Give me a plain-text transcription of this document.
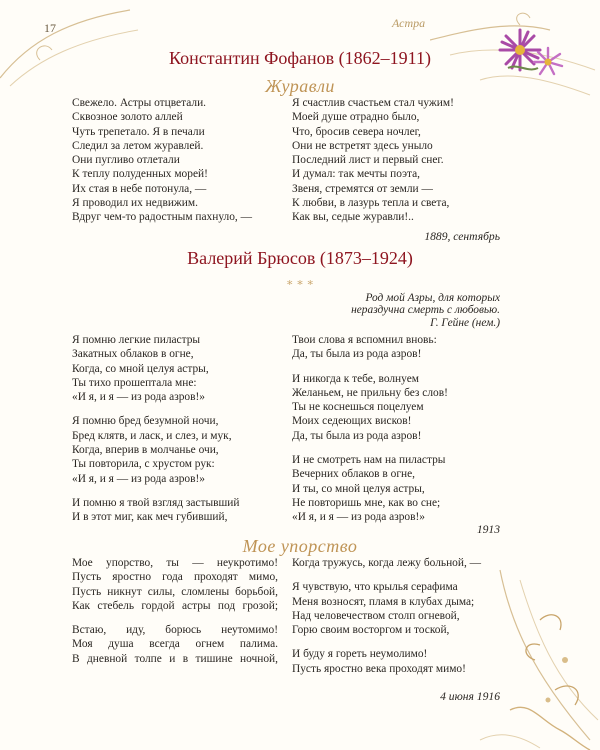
17	Астра
Константин Фофанов (1862–1911)
Журавли
Свежело. Астры отцветали.
Сквозное золото аллей
Чуть трепетало. Я в печали
Следил за летом журавлей.
Они пугливо отлетали
К теплу полуденных морей!
Их стая в небе потонула, —
Я проводил их недвижим.
Вдруг чем-то радостным пахнуло, —
Я счастлив счастьем стал чужим!
Моей душе отрадно было,
Что, бросив севера ночлег,
Они не встретят здесь уныло
Последний лист и первый снег.
И думал: так мечты поэта,
Звеня, стремятся от земли —
К любви, в лазурь тепла и света,
Как вы, седые журавли!..
1889, сентябрь
Валерий Брюсов (1873–1924)
∗ ∗ ∗
Род мой Азры, для которых
нераздучна смерть с любовью.
Г. Гейне (нем.)
Я помню легкие пиластры
Закатных облаков в огне,
Когда, со мной целуя астры,
Ты тихо прошептала мне:
«И я, и я — из рода азров!»
Я помню бред безумной ночи,
Бред клятв, и ласк, и слез, и мук,
Когда, вперив в молчанье очи,
Ты повторила, с хрустом рук:
«И я, и я — из рода азров!»
И помню я твой взгляд застывший
И в этот миг, как меч губивший,
Твои слова я вспомнил вновь:
Да, ты была из рода азров!
И никогда к тебе, волнуем
Желаньем, не прильну без слов!
Ты не коснешься поцелуем
Моих седеющих висков!
Да, ты была из рода азров!
И не смотреть нам на пиластры
Вечерних облаков в огне,
И ты, со мной целуя астры,
Не повторишь мне, как во сне;
«И я, и я — из рода азров!»
1913
Мое упорство
Мое упорство, ты — неукротимо!
Пусть яростно года проходят мимо,
Пусть никнут силы, сломлены борьбой,
Как стебель гордой астры под грозой;
Встаю, иду, борюсь неутомимо!
Моя душа всегда огнем палима.
В дневной толпе и в тишине ночной,
Когда тружусь, когда лежу больной, —
Я чувствую, что крылья серафима
Меня возносят, пламя в клубах дыма;
Над человечеством столп огневой,
Горю своим восторгом и тоской,
И буду я гореть неумолимо!
Пусть яростно века проходят мимо!
4 июня 1916
